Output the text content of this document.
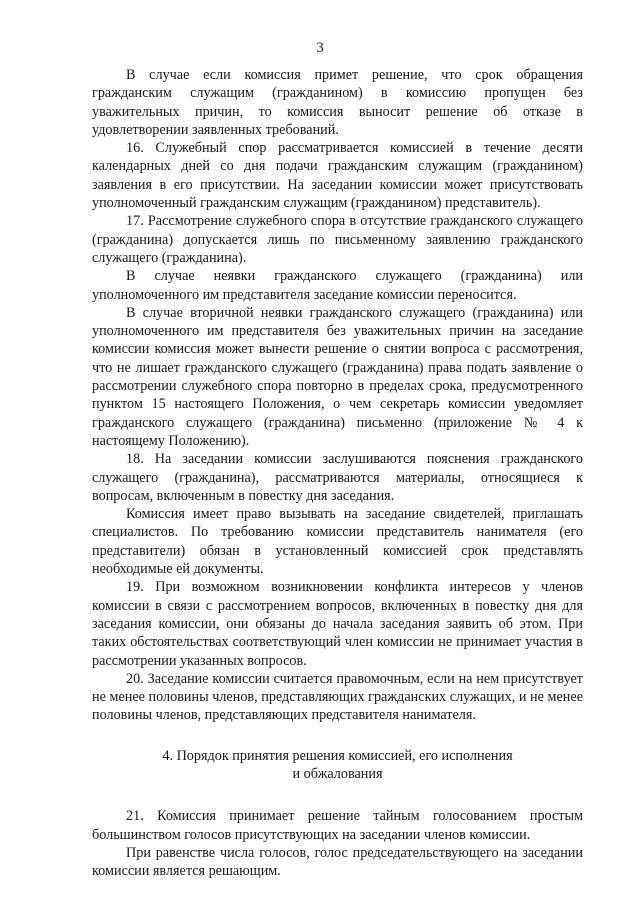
3

В случае если комиссия примет решение, что срок обращения гражданским служащим (гражданином) в комиссию пропущен без уважительных причин, то комиссия выносит решение об отказе в удовлетворении заявленных требований.

16. Служебный спор рассматривается комиссией в течение десяти календарных дней со дня подачи гражданским служащим (гражданином) заявления в его присутствии. На заседании комиссии может присутствовать уполномоченный гражданским служащим (гражданином) представитель).

17. Рассмотрение служебного спора в отсутствие гражданского служащего (гражданина) допускается лишь по письменному заявлению гражданского служащего (гражданина).

В случае неявки гражданского служащего (гражданина) или уполномоченного им представителя заседание комиссии переносится.

В случае вторичной неявки гражданского служащего (гражданина) или уполномоченного им представителя без уважительных причин на заседание комиссии комиссия может вынести решение о снятии вопроса с рассмотрения, что не лишает гражданского служащего (гражданина) права подать заявление о рассмотрении служебного спора повторно в пределах срока, предусмотренного пунктом 15 настоящего Положения, о чем секретарь комиссии уведомляет гражданского служащего (гражданина) письменно (приложение № 4 к настоящему Положению).

18. На заседании комиссии заслушиваются пояснения гражданского служащего (гражданина), рассматриваются материалы, относящиеся к вопросам, включенным в повестку дня заседания.

Комиссия имеет право вызывать на заседание свидетелей, приглашать специалистов. По требованию комиссии представитель нанимателя (его представители) обязан в установленный комиссией срок представлять необходимые ей документы.

19. При возможном возникновении конфликта интересов у членов комиссии в связи с рассмотрением вопросов, включенных в повестку дня для заседания комиссии, они обязаны до начала заседания заявить об этом. При таких обстоятельствах соответствующий член комиссии не принимает участия в рассмотрении указанных вопросов.

20. Заседание комиссии считается правомочным, если на нем присутствует не менее половины членов, представляющих гражданских служащих, и не менее половины членов, представляющих представителя нанимателя.

4. Порядок принятия решения комиссией, его исполнения
и обжалования

21. Комиссия принимает решение тайным голосованием простым большинством голосов присутствующих на заседании членов комиссии.

При равенстве числа голосов, голос председательствующего на заседании комиссии является решающим.
